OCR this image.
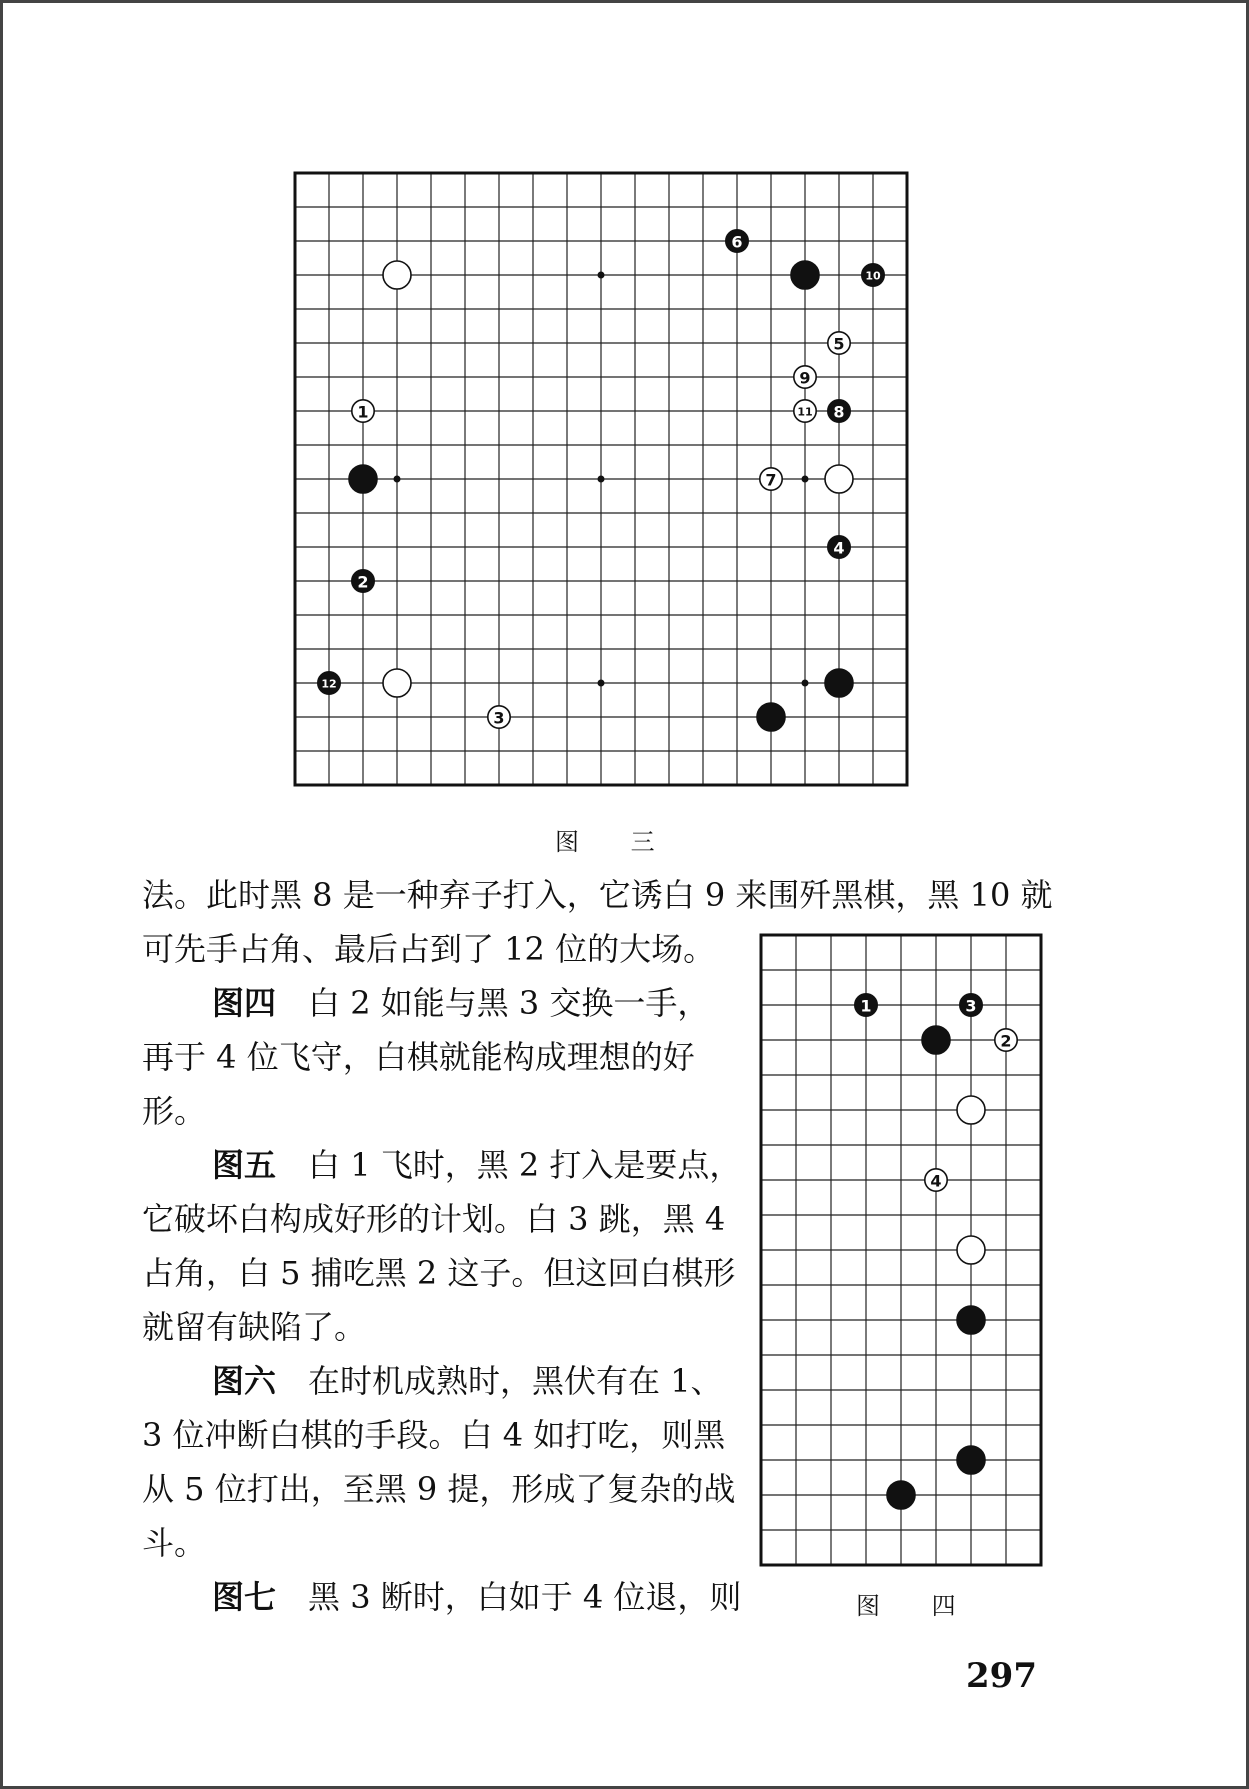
6
10
5
9
1	11 8
7
4
2
12
3
图 三
1	3
2
4
图 四

法。此时黑 8 是一种弃子打入，它诱白 9 来围歼黑棋，黑 10 就
可先手占角、最后占到了 12 位的大场。

图四　白 2 如能与黑 3 交换一手，

再于 4 位飞守，白棋就能构成理想的好
形。

图五　白 1 飞时，黑 2 打入是要点，

它破坏白构成好形的计划。白 3 跳，黑 4
占角，白 5 捕吃黑 2 这子。但这回白棋形
就留有缺陷了。

图六　在时机成熟时，黑伏有在 1、

3 位冲断白棋的手段。白 4 如打吃，则黑
从 5 位打出，至黑 9 提，形成了复杂的战
斗。

图七　黑 3 断时，白如于 4 位退，则

297
